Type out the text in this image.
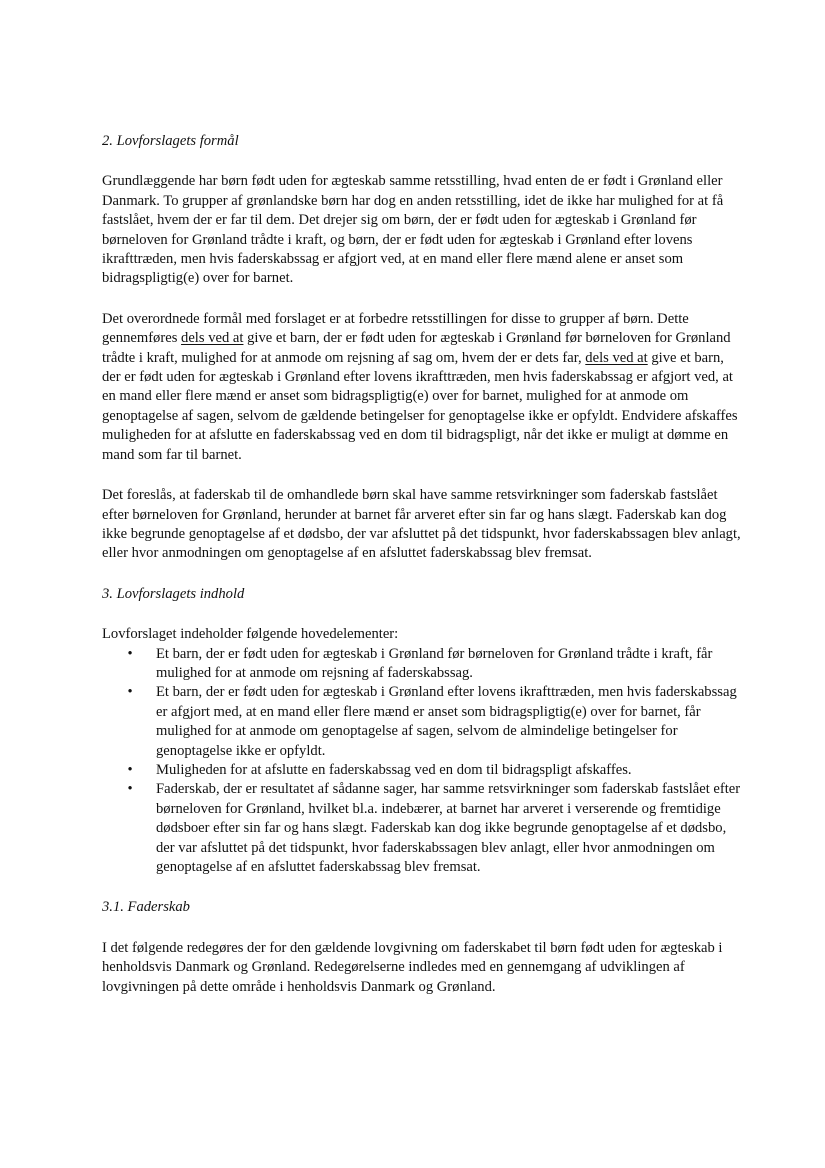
2. Lovforslagets formål

Grundlæggende har børn født uden for ægteskab samme retsstilling, hvad enten de er født i Grønland eller Danmark. To grupper af grønlandske børn har dog en anden retsstilling, idet de ikke har mulighed for at få fastslået, hvem der er far til dem. Det drejer sig om børn, der er født uden for ægteskab i Grønland før børneloven for Grønland trådte i kraft, og børn, der er født uden for ægteskab i Grønland efter lovens ikrafttræden, men hvis faderskabssag er afgjort ved, at en mand eller flere mænd alene er anset som bidragspligtig(e) over for barnet.

Det overordnede formål med forslaget er at forbedre retsstillingen for disse to grupper af børn. Dette gennemføres dels ved at give et barn, der er født uden for ægteskab i Grønland før børneloven for Grønland trådte i kraft, mulighed for at anmode om rejsning af sag om, hvem der er dets far, dels ved at give et barn, der er født uden for ægteskab i Grønland efter lovens ikrafttræden, men hvis faderskabssag er afgjort ved, at en mand eller flere mænd er anset som bidragspligtig(e) over for barnet, mulighed for at anmode om genoptagelse af sagen, selvom de gældende betingelser for genoptagelse ikke er opfyldt. Endvidere afskaffes muligheden for at afslutte en faderskabssag ved en dom til bidragspligt, når det ikke er muligt at dømme en mand som far til barnet.

Det foreslås, at faderskab til de omhandlede børn skal have samme retsvirkninger som faderskab fastslået efter børneloven for Grønland, herunder at barnet får arveret efter sin far og hans slægt. Faderskab kan dog ikke begrunde genoptagelse af et dødsbo, der var afsluttet på det tidspunkt, hvor faderskabssagen blev anlagt, eller hvor anmodningen om genoptagelse af en afsluttet faderskabssag blev fremsat.

3. Lovforslagets indhold

Lovforslaget indeholder følgende hovedelementer:

•	Et barn, der er født uden for ægteskab i Grønland før børneloven for Grønland trådte i kraft, får mulighed for at anmode om rejsning af faderskabssag.
•	Et barn, der er født uden for ægteskab i Grønland efter lovens ikrafttræden, men hvis faderskabssag er afgjort med, at en mand eller flere mænd er anset som bidragspligtig(e) over for barnet, får mulighed for at anmode om genoptagelse af sagen, selvom de almindelige betingelser for genoptagelse ikke er opfyldt.
•	Muligheden for at afslutte en faderskabssag ved en dom til bidragspligt afskaffes.
•	Faderskab, der er resultatet af sådanne sager, har samme retsvirkninger som faderskab fastslået efter børneloven for Grønland, hvilket bl.a. indebærer, at barnet har arveret i verserende og fremtidige dødsboer efter sin far og hans slægt. Faderskab kan dog ikke begrunde genoptagelse af et dødsbo, der var afsluttet på det tidspunkt, hvor faderskabssagen blev anlagt, eller hvor anmodningen om genoptagelse af en afsluttet faderskabssag blev fremsat.
3.1. Faderskab

I det følgende redegøres der for den gældende lovgivning om faderskabet til børn født uden for ægteskab i henholdsvis Danmark og Grønland. Redegørelserne indledes med en gennemgang af udviklingen af lovgivningen på dette område i henholdsvis Danmark og Grønland.
